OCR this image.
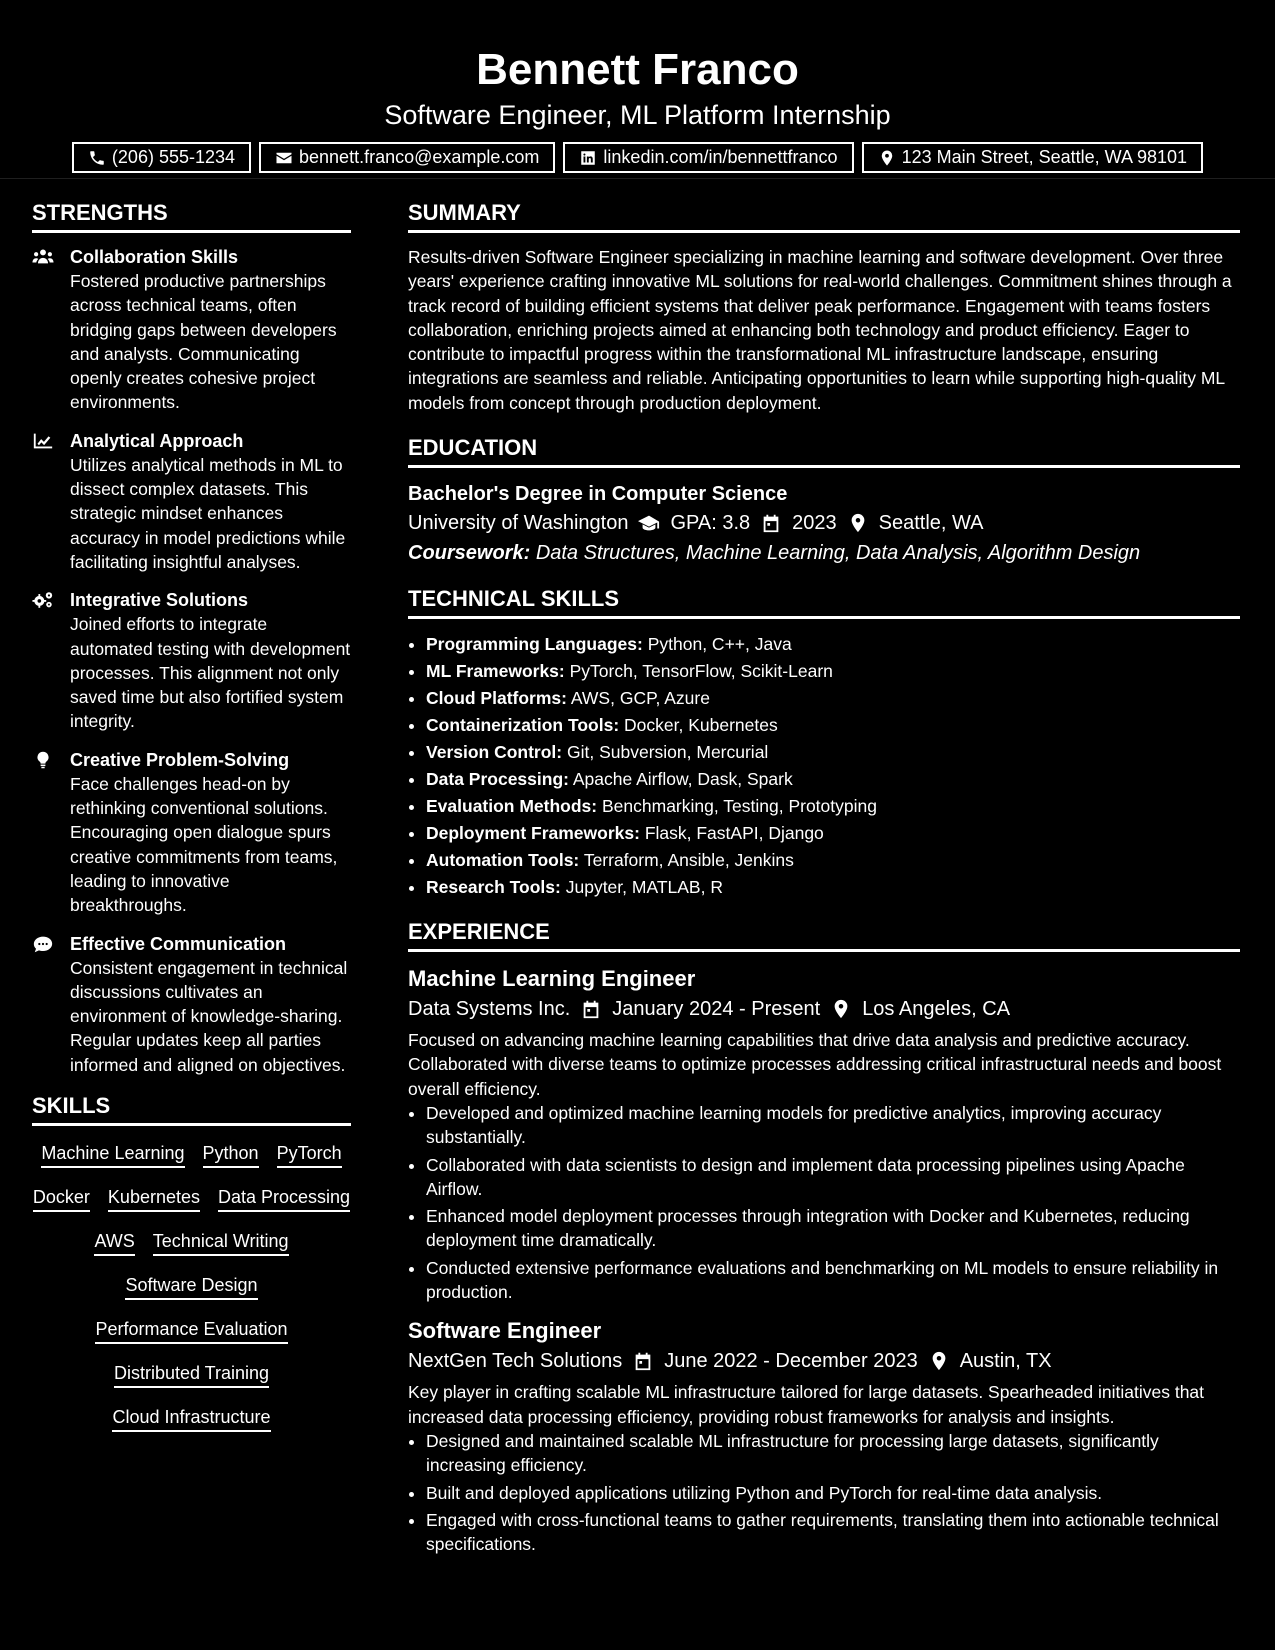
Bennett Franco
Software Engineer, ML Platform Internship
(206) 555-1234	bennett.franco@example.com	linkedin.com/in/bennettfranco	123 Main Street, Seattle, WA 98101
STRENGTHS
Collaboration Skills
Fostered productive partnerships across technical teams, often bridging gaps between developers and analysts. Communicating openly creates cohesive project environments.
Analytical Approach
Utilizes analytical methods in ML to dissect complex datasets. This strategic mindset enhances accuracy in model predictions while facilitating insightful analyses.
Integrative Solutions
Joined efforts to integrate automated testing with development processes. This alignment not only saved time but also fortified system integrity.
Creative Problem-Solving
Face challenges head-on by rethinking conventional solutions. Encouraging open dialogue spurs creative commitments from teams, leading to innovative breakthroughs.
Effective Communication
Consistent engagement in technical discussions cultivates an environment of knowledge-sharing. Regular updates keep all parties informed and aligned on objectives.
SKILLS
Machine Learning Python PyTorch
Docker Kubernetes Data Processing
AWS Technical Writing
Software Design
Performance Evaluation
Distributed Training
Cloud Infrastructure
SUMMARY
Results-driven Software Engineer specializing in machine learning and software development. Over three years' experience crafting innovative ML solutions for real-world challenges. Commitment shines through a track record of building efficient systems that deliver peak performance. Engagement with teams fosters collaboration, enriching projects aimed at enhancing both technology and product efficiency. Eager to contribute to impactful progress within the transformational ML infrastructure landscape, ensuring integrations are seamless and reliable. Anticipating opportunities to learn while supporting high-quality ML models from concept through production deployment.
EDUCATION
Bachelor's Degree in Computer Science
University of Washington GPA: 3.8 2023 Seattle, WA
Coursework: Data Structures, Machine Learning, Data Analysis, Algorithm Design
TECHNICAL SKILLS
• Programming Languages: Python, C++, Java
• ML Frameworks: PyTorch, TensorFlow, Scikit-Learn
• Cloud Platforms: AWS, GCP, Azure
• Containerization Tools: Docker, Kubernetes
• Version Control: Git, Subversion, Mercurial
• Data Processing: Apache Airflow, Dask, Spark
• Evaluation Methods: Benchmarking, Testing, Prototyping
• Deployment Frameworks: Flask, FastAPI, Django
• Automation Tools: Terraform, Ansible, Jenkins
• Research Tools: Jupyter, MATLAB, R
EXPERIENCE
Machine Learning Engineer
Data Systems Inc. January 2024 - Present Los Angeles, CA
Focused on advancing machine learning capabilities that drive data analysis and predictive accuracy. Collaborated with diverse teams to optimize processes addressing critical infrastructural needs and boost overall efficiency.
• Developed and optimized machine learning models for predictive analytics, improving accuracy substantially.
• Collaborated with data scientists to design and implement data processing pipelines using Apache Airflow.
• Enhanced model deployment processes through integration with Docker and Kubernetes, reducing deployment time dramatically.
• Conducted extensive performance evaluations and benchmarking on ML models to ensure reliability in production.
Software Engineer
NextGen Tech Solutions June 2022 - December 2023 Austin, TX
Key player in crafting scalable ML infrastructure tailored for large datasets. Spearheaded initiatives that increased data processing efficiency, providing robust frameworks for analysis and insights.
• Designed and maintained scalable ML infrastructure for processing large datasets, significantly increasing efficiency.
• Built and deployed applications utilizing Python and PyTorch for real-time data analysis.
• Engaged with cross-functional teams to gather requirements, translating them into actionable technical specifications.
